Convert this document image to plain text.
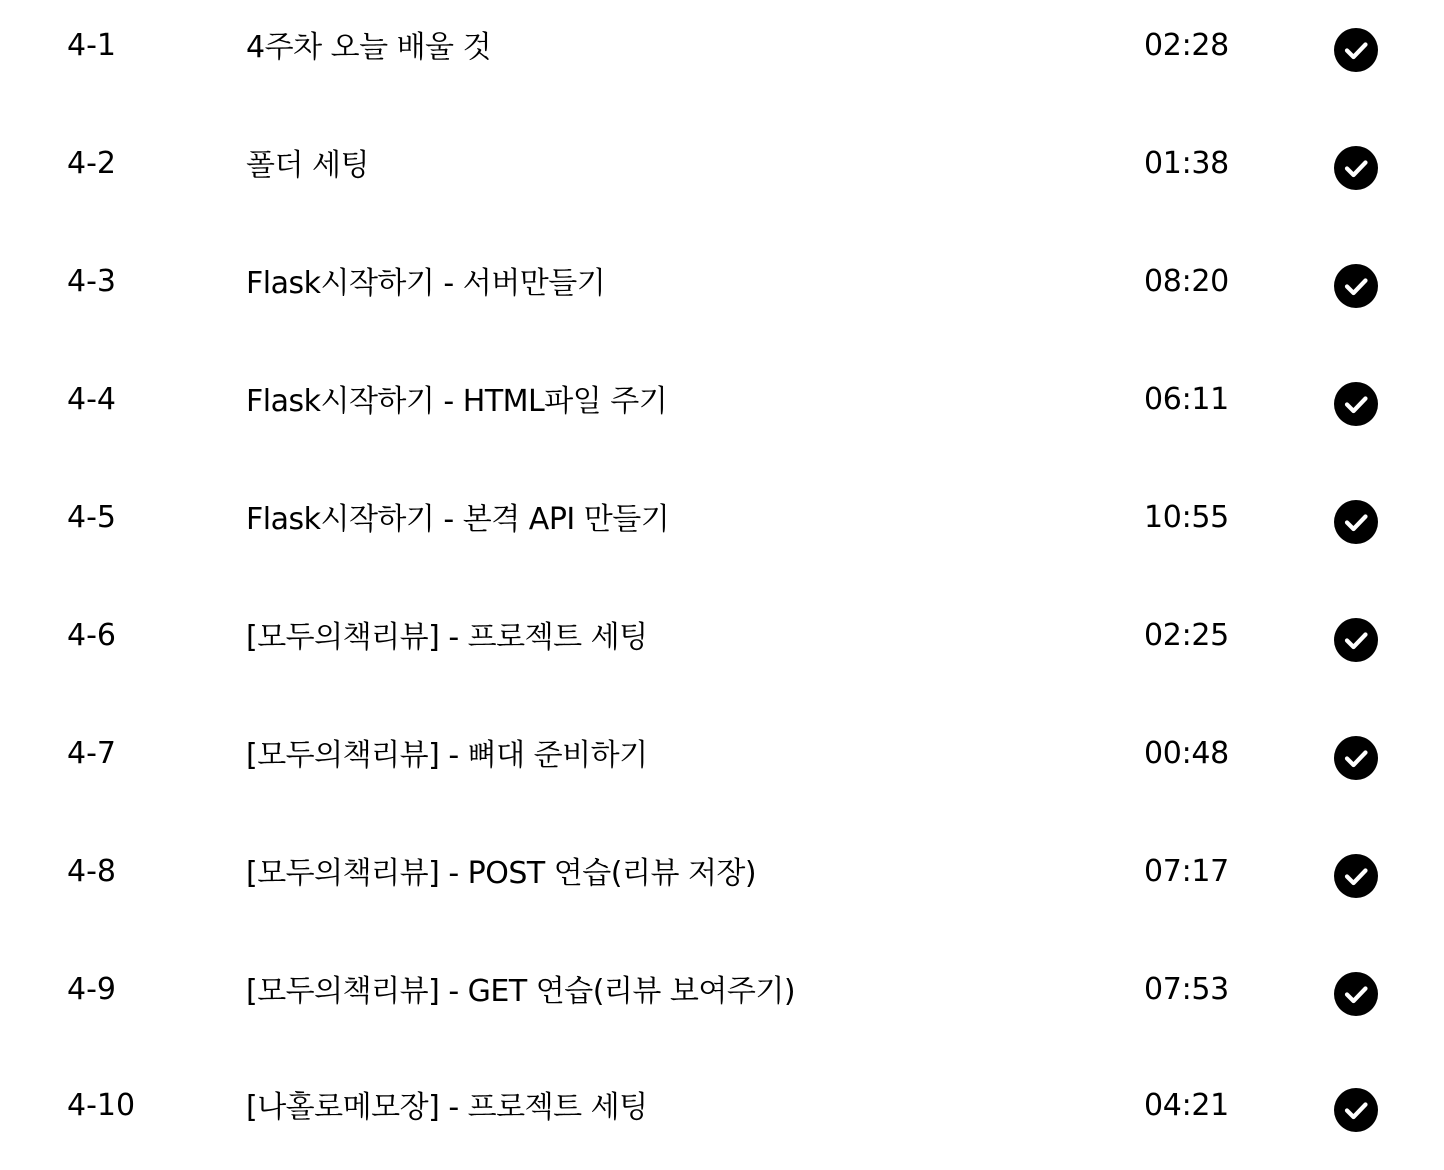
4-1	4주차 오늘 배울 것	02:28
4-2	폴더 세팅	01:38
4-3	Flask시작하기 - 서버만들기	08:20
4-4	Flask시작하기 - HTML파일 주기	06:11
4-5	Flask시작하기 - 본격 API 만들기	10:55
4-6	[모두의책리뷰] - 프로젝트 세팅	02:25
4-7	[모두의책리뷰] - 뼈대 준비하기	00:48
4-8	[모두의책리뷰] - POST 연습(리뷰 저장)	07:17
4-9	[모두의책리뷰] - GET 연습(리뷰 보여주기)	07:53
4-10	[나홀로메모장] - 프로젝트 세팅	04:21
